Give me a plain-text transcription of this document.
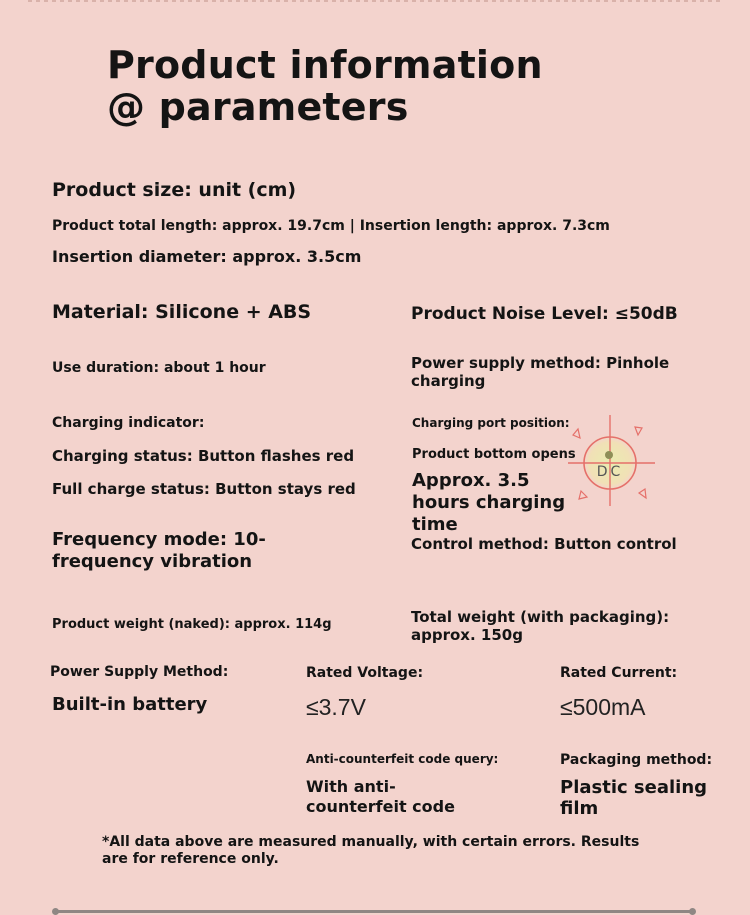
Product information @ parameters

Product size: unit (cm)

Product total length: approx. 19.7cm | Insertion length: approx. 7.3cm

Insertion diameter: approx. 3.5cm

Material: Silicone + ABS

Use duration: about 1 hour

Charging indicator:

Charging status: Button flashes red

Full charge status: Button stays red

Frequency mode: 10-frequency vibration

Product weight (naked): approx. 114g

Product Noise Level: ≤50dB

Power supply method: Pinhole charging

Charging port position:

Product bottom opens

Approx. 3.5 hours charging time

Control method: Button control

Total weight (with packaging): approx. 150g

DC

Power Supply Method:

Built-in battery

Rated Voltage:

≤3.7V

Rated Current:

≤500mA

Anti-counterfeit code query:

With anti-counterfeit code

Packaging method:

Plastic sealing film

*All data above are measured manually, with certain errors. Results are for reference only.
